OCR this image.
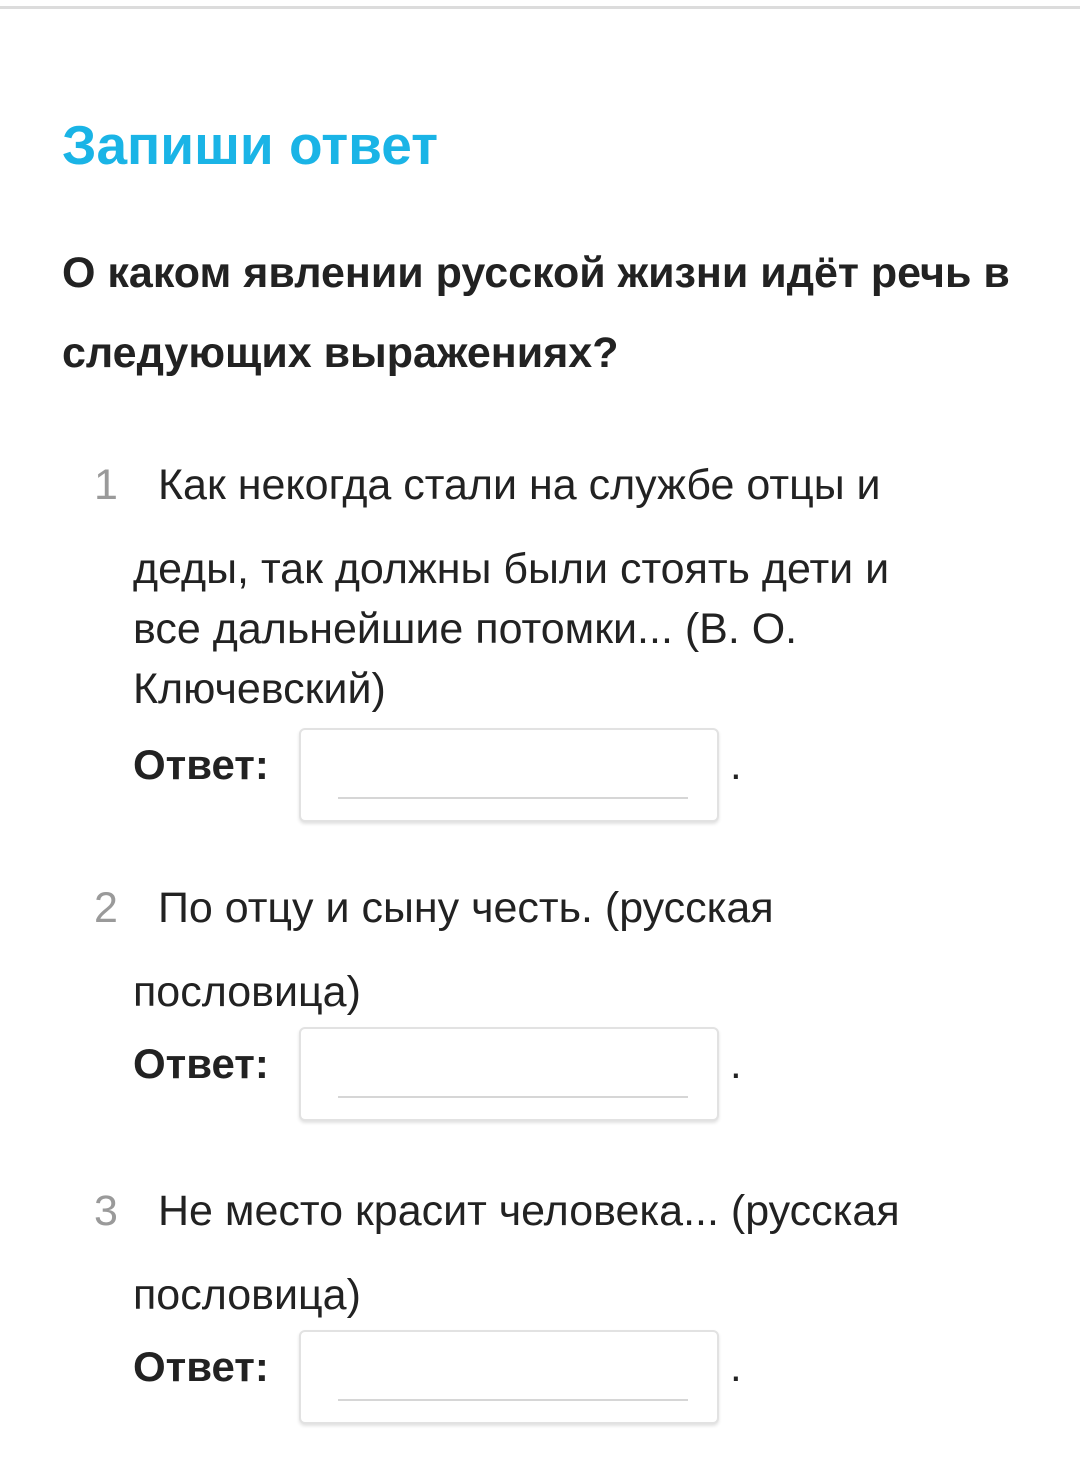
Запиши ответ
О каком явлении русской жизни идёт речь в следующих выражениях?
1 Как некогда стали на службе отцы и
деды, так должны были стоять дети и
все дальнейшие потомки... (В. О.
Ключевский)
Ответ:	.
2 По отцу и сыну честь. (русская
пословица)
Ответ:	.
3 Не место красит человека... (русская
пословица)
Ответ:	.
